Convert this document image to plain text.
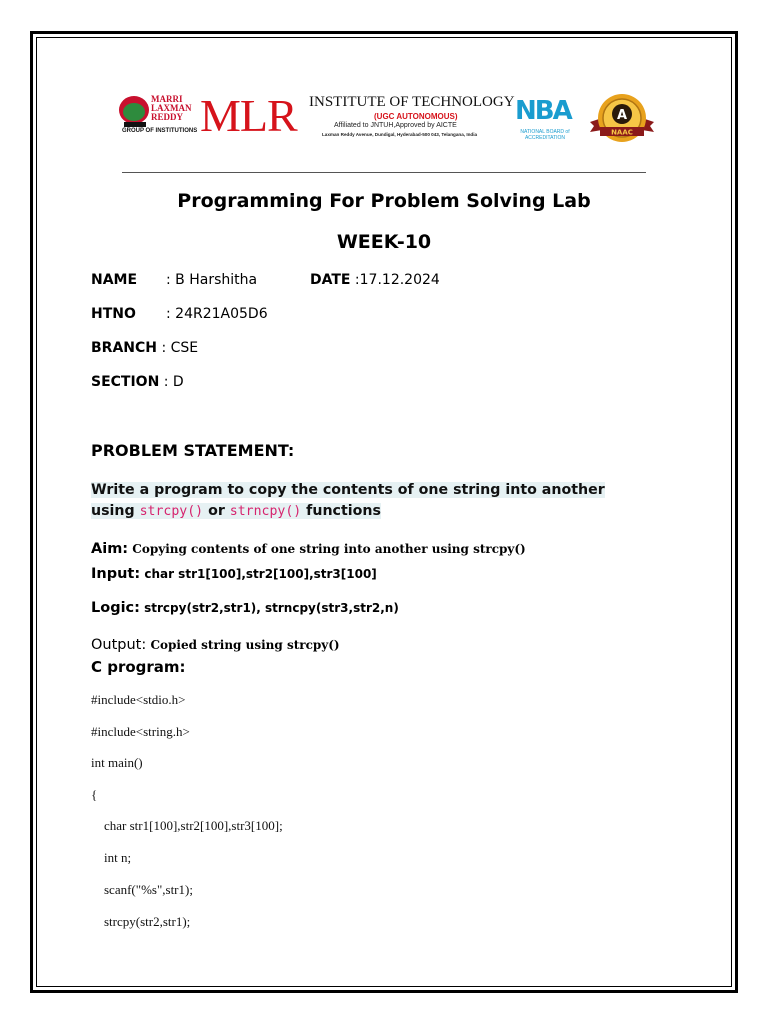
MARRI
LAXMAN
REDDY
GROUP OF INSTITUTIONS MLR INSTITUTE OF TECHNOLOGY
(UGC AUTONOMOUS)
Affiliated to JNTUH,Approved by AICTE
Laxman Reddy Avenue, Dundigal, Hyderabad-500 043, Telangana, India
NBA
NATIONAL BOARD of ACCREDITATION
A
NAAC
Programming For Problem Solving Lab
WEEK-10
NAME : B Harshitha	DATE :17.12.2024
HTNO : 24R21A05D6
BRANCH : CSE
SECTION : D
PROBLEM STATEMENT:
Write a program to copy the contents of one string into another
using strcpy() or strncpy() functions
Aim: Copying contents of one string into another using strcpy()
Input: char str1[100],str2[100],str3[100]
Logic: strcpy(str2,str1), strncpy(str3,str2,n)
Output: Copied string using strcpy()
C program:
#include<stdio.h>
#include<string.h>
int main()
{
char str1[100],str2[100],str3[100];
int n;
scanf("%s",str1);
strcpy(str2,str1);
